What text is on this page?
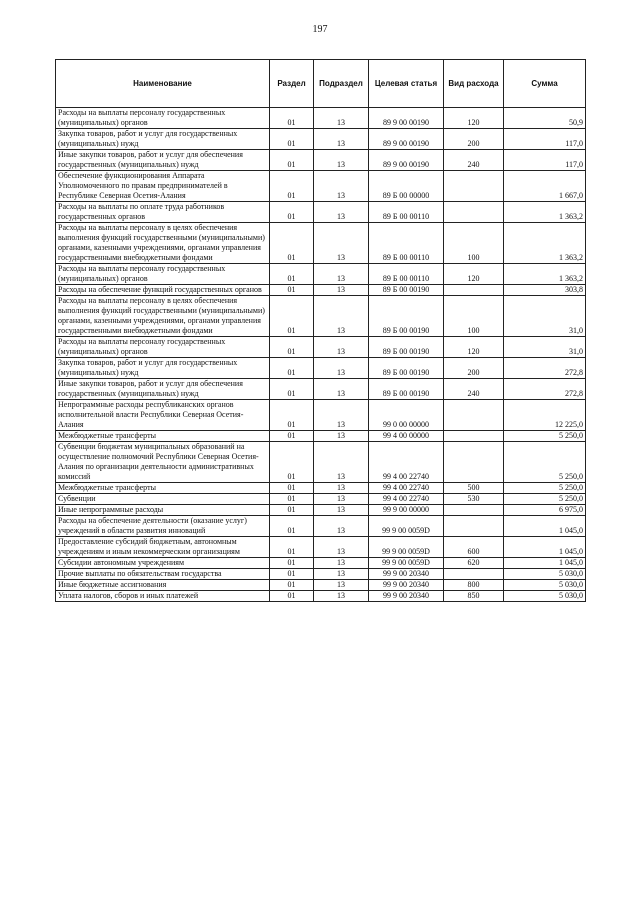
197
Наименование	Раздел	Подраздел	Целевая статья	Вид расхода	Сумма
Расходы на выплаты персоналу государственных (муниципальных) органов	01	13	89 9 00 00190	120	50,9
Закупка товаров, работ и услуг для государственных (муниципальных) нужд	01	13	89 9 00 00190	200	117,0
Иные закупки товаров, работ и услуг для обеспечения государственных (муниципальных) нужд	01	13	89 9 00 00190	240	117,0
Обеспечение функционирования Аппарата Уполномоченного по правам предпринимателей в Республике Северная Осетия-Алания	01	13	89 Б 00 00000		1 667,0
Расходы на выплаты по оплате труда работников государственных органов	01	13	89 Б 00 00110		1 363,2
Расходы на выплаты персоналу в целях обеспечения выполнения функций государственными (муниципальными) органами, казенными учреждениями, органами управления государственными внебюджетными фондами	01	13	89 Б 00 00110	100	1 363,2
Расходы на выплаты персоналу государственных (муниципальных) органов	01	13	89 Б 00 00110	120	1 363,2
Расходы на обеспечение функций государственных органов	01	13	89 Б 00 00190		303,8
Расходы на выплаты персоналу в целях обеспечения выполнения функций государственными (муниципальными) органами, казенными учреждениями, органами управления государственными внебюджетными фондами	01	13	89 Б 00 00190	100	31,0
Расходы на выплаты персоналу государственных (муниципальных) органов	01	13	89 Б 00 00190	120	31,0
Закупка товаров, работ и услуг для государственных (муниципальных) нужд	01	13	89 Б 00 00190	200	272,8
Иные закупки товаров, работ и услуг для обеспечения государственных (муниципальных) нужд	01	13	89 Б 00 00190	240	272,8
Непрограммные расходы республиканских органов исполнительной власти Республики Северная Осетия-Алания	01	13	99 0 00 00000		12 225,0
Межбюджетные трансферты	01	13	99 4 00 00000		5 250,0
Субвенции бюджетам муниципальных образований на осуществление полномочий Республики Северная Осетия-Алания по организации деятельности административных комиссий	01	13	99 4 00 22740		5 250,0
Межбюджетные трансферты	01	13	99 4 00 22740	500	5 250,0
Субвенции	01	13	99 4 00 22740	530	5 250,0
Иные непрограммные расходы	01	13	99 9 00 00000		6 975,0
Расходы на обеспечение деятельности (оказание услуг) учреждений в области развития инноваций	01	13	99 9 00 0059D		1 045,0
Предоставление субсидий бюджетным, автономным учреждениям и иным некоммерческим организациям	01	13	99 9 00 0059D	600	1 045,0
Субсидии автономным учреждениям	01	13	99 9 00 0059D	620	1 045,0
Прочие выплаты по обязательствам государства	01	13	99 9 00 20340		5 030,0
Иные бюджетные ассигнования	01	13	99 9 00 20340	800	5 030,0
Уплата налогов, сборов и иных платежей	01	13	99 9 00 20340	850	5 030,0
